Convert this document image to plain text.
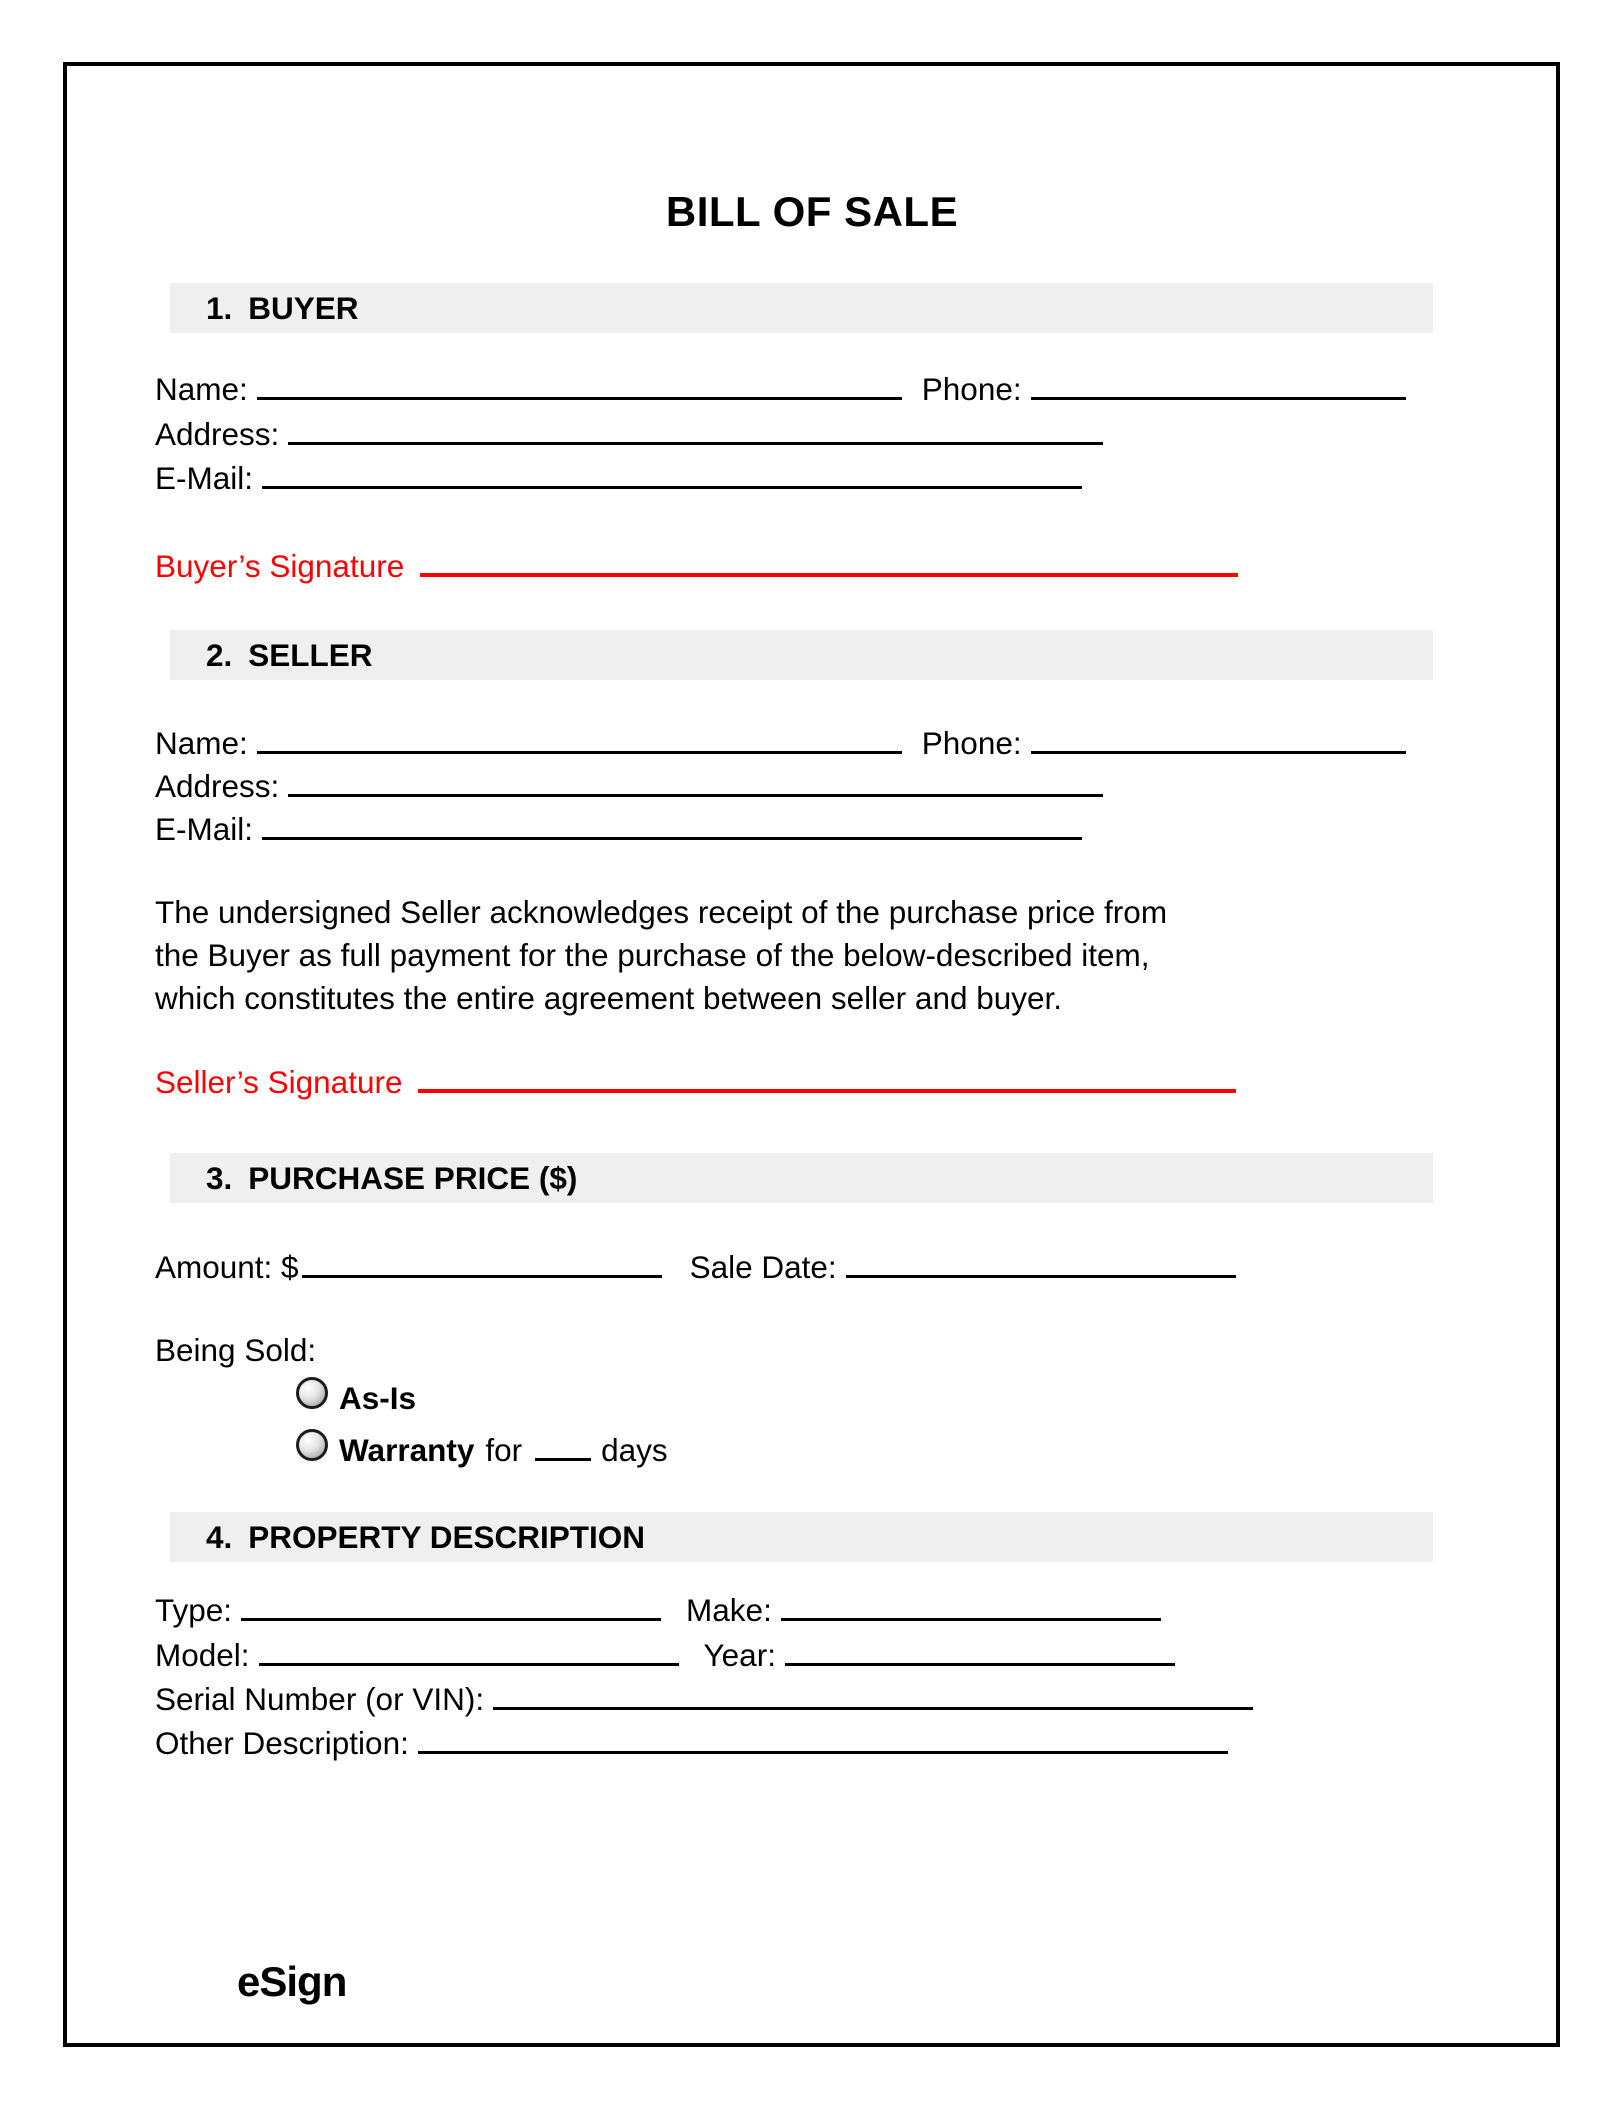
BILL OF SALE
1. BUYER
Name:	Phone:
Address:
E-Mail:
Buyer’s Signature
2. SELLER
Name:	Phone:
Address:
E-Mail:
The undersigned Seller acknowledges receipt of the purchase price from
the Buyer as full payment for the purchase of the below-described item,
which constitutes the entire agreement between seller and buyer.
Seller’s Signature
3. PURCHASE PRICE ($)
Amount: $	Sale Date:
Being Sold:
As-Is
Warranty for	days
4. PROPERTY DESCRIPTION
Type:	Make:
Model:	Year:
Serial Number (or VIN):
Other Description:
eSign
